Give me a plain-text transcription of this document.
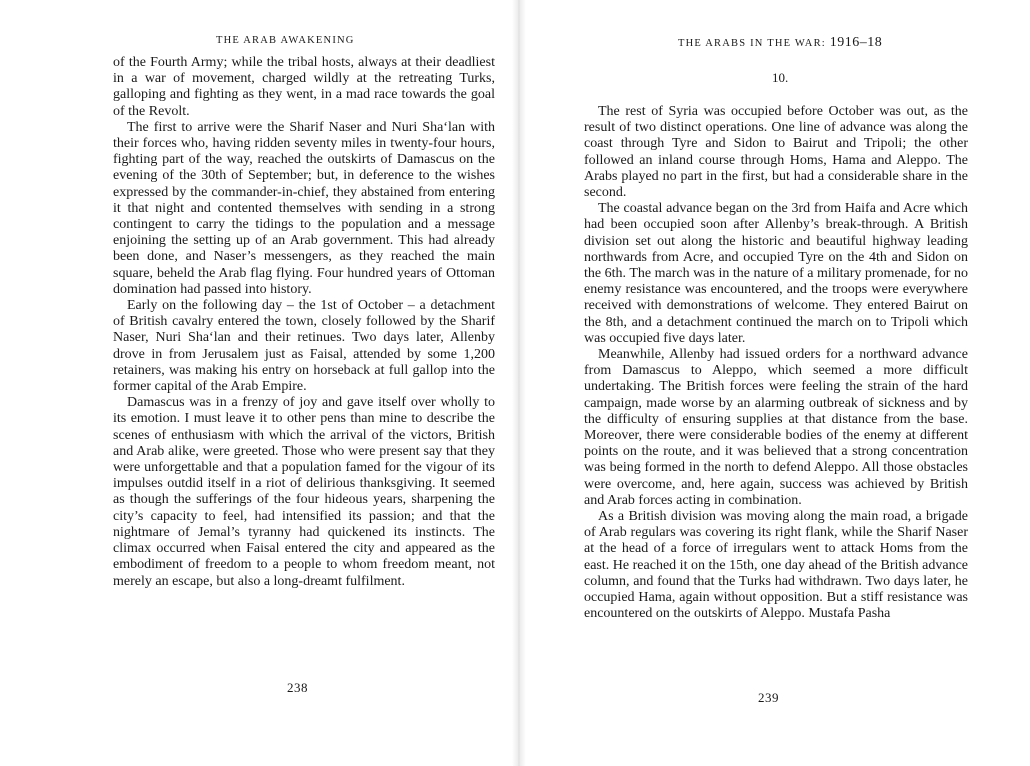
THE ARAB AWAKENING

of the Fourth Army; while the tribal hosts, always at their deadliest in a war of movement, charged wildly at the retreating Turks, galloping and fighting as they went, in a mad race towards the goal of the Revolt.

The first to arrive were the Sharif Naser and Nuri Sha‘lan with their forces who, having ridden seventy miles in twenty-four hours, fighting part of the way, reached the outskirts of Damascus on the evening of the 30th of September; but, in deference to the wishes expressed by the commander-in-chief, they abstained from entering it that night and contented themselves with sending in a strong contingent to carry the tidings to the population and a message enjoining the setting up of an Arab government. This had already been done, and Naser’s messengers, as they reached the main square, beheld the Arab flag flying. Four hundred years of Ottoman domination had passed into history.

Early on the following day – the 1st of October – a detachment of British cavalry entered the town, closely followed by the Sharif Naser, Nuri Sha‘lan and their retinues. Two days later, Allenby drove in from Jerusalem just as Faisal, attended by some 1,200 retainers, was making his entry on horseback at full gallop into the former capital of the Arab Empire.

Damascus was in a frenzy of joy and gave itself over wholly to its emotion. I must leave it to other pens than mine to describe the scenes of enthusiasm with which the arrival of the victors, British and Arab alike, were greeted. Those who were present say that they were unforgettable and that a population famed for the vigour of its impulses outdid itself in a riot of delirious thanksgiving. It seemed as though the sufferings of the four hideous years, sharpening the city’s capacity to feel, had intensified its passion; and that the nightmare of Jemal’s tyranny had quickened its instincts. The climax occurred when Faisal entered the city and appeared as the embodiment of freedom to a people to whom freedom meant, not merely an escape, but also a long-dreamt fulfilment.

238
THE ARABS IN THE WAR: 1916–18
10.

The rest of Syria was occupied before October was out, as the result of two distinct operations. One line of advance was along the coast through Tyre and Sidon to Bairut and Tripoli; the other followed an inland course through Homs, Hama and Aleppo. The Arabs played no part in the first, but had a considerable share in the second.

The coastal advance began on the 3rd from Haifa and Acre which had been occupied soon after Allenby’s break-through. A British division set out along the historic and beautiful highway leading northwards from Acre, and occupied Tyre on the 4th and Sidon on the 6th. The march was in the nature of a military promenade, for no enemy resistance was encountered, and the troops were everywhere received with demonstrations of welcome. They entered Bairut on the 8th, and a detachment continued the march on to Tripoli which was occupied five days later.

Meanwhile, Allenby had issued orders for a northward advance from Damascus to Aleppo, which seemed a more difficult undertaking. The British forces were feeling the strain of the hard campaign, made worse by an alarming outbreak of sickness and by the difficulty of ensuring supplies at that distance from the base. Moreover, there were considerable bodies of the enemy at different points on the route, and it was believed that a strong concentration was being formed in the north to defend Aleppo. All those obstacles were overcome, and, here again, success was achieved by British and Arab forces acting in combination.

As a British division was moving along the main road, a brigade of Arab regulars was covering its right flank, while the Sharif Naser at the head of a force of irregulars went to attack Homs from the east. He reached it on the 15th, one day ahead of the British advance column, and found that the Turks had withdrawn. Two days later, he occupied Hama, again without opposition. But a stiff resistance was encountered on the outskirts of Aleppo. Mustafa Pasha

239
